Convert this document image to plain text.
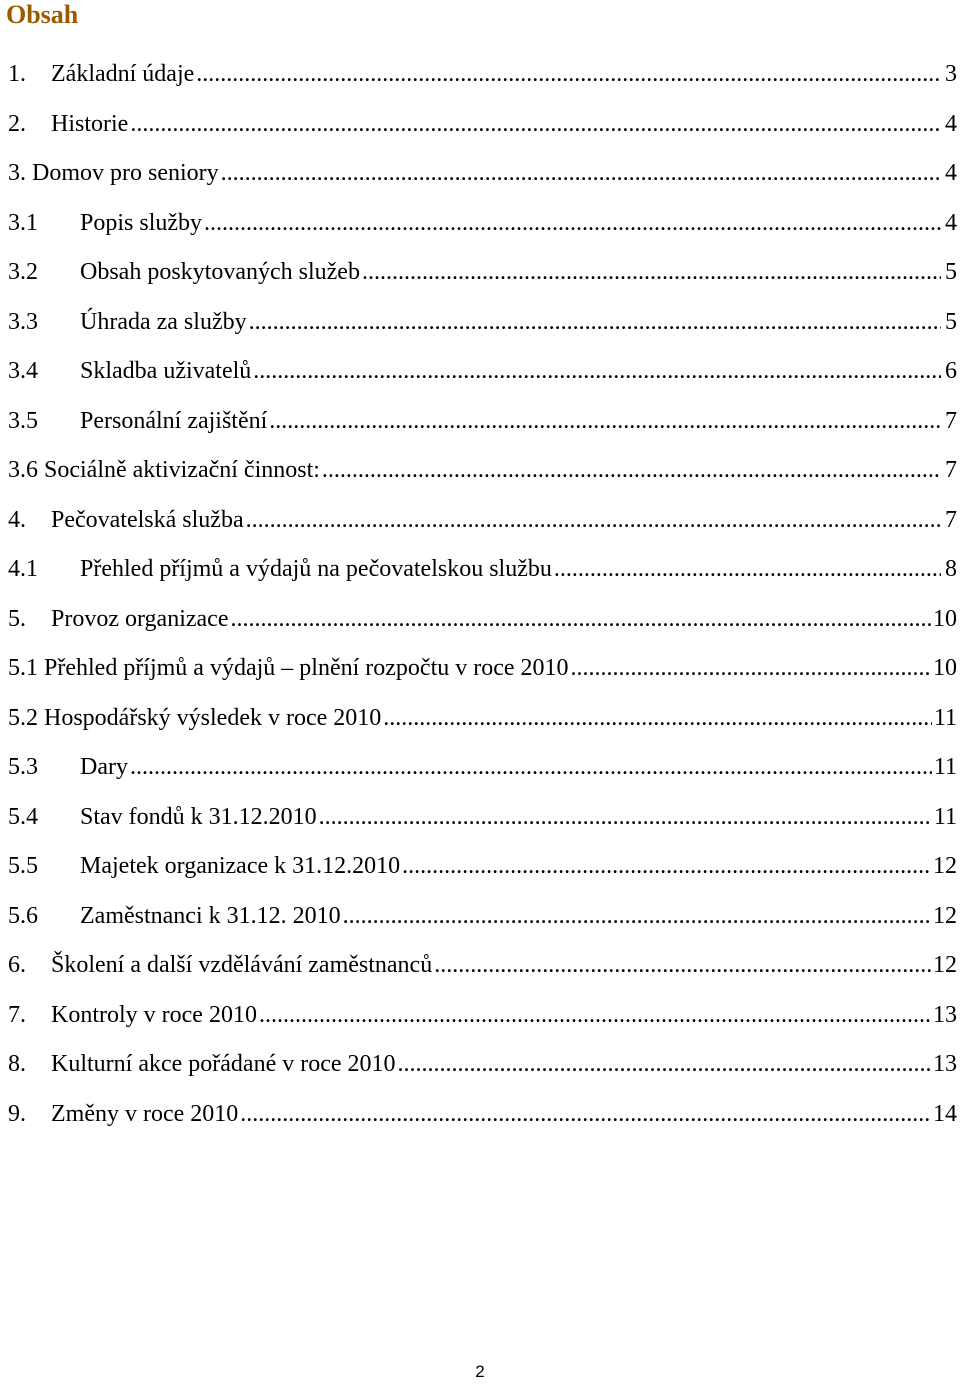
Obsah
1.	Základní údaje .....	3
2.	Historie .....	4
3. Domov pro seniory .....	4
3.1	Popis služby .....	4
3.2	Obsah poskytovaných služeb .....	5
3.3	Úhrada za služby .....	5
3.4	Skladba uživatelů .....	6
3.5	Personální zajištění .....	7
3.6 Sociálně aktivizační činnost: .....	7
4.	Pečovatelská služba .....	7
4.1	Přehled příjmů a výdajů na pečovatelskou službu .....	8
5.	Provoz organizace .....	10
5.1 Přehled příjmů a výdajů – plnění rozpočtu v roce 2010 .....	10
5.2 Hospodářský výsledek v roce 2010 .....	11
5.3	Dary .....	11
5.4	Stav fondů k 31.12.2010 .....	11
5.5	Majetek organizace k 31.12.2010 .....	12
5.6	Zaměstnanci k 31.12. 2010 .....	12
6.	Školení a další vzdělávání zaměstnanců .....	12
7.	Kontroly v roce 2010 .....	13
8.	Kulturní akce pořádané v roce 2010 .....	13
9.	Změny v roce 2010 .....	14
2
